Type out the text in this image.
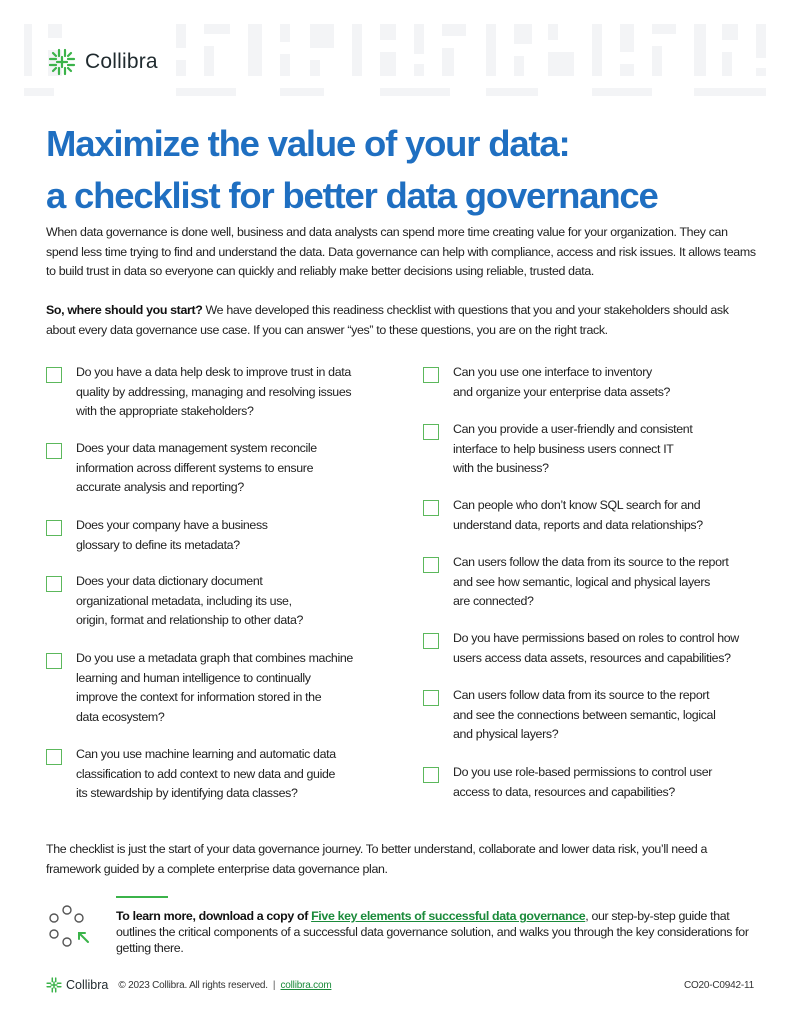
Collibra
Maximize the value of your data:
a checklist for better data governance

When data governance is done well, business and data analysts can spend more time creating value for your organization. They can spend less time trying to find and understand the data. Data governance can help with compliance, access and risk issues. It allows teams to build trust in data so everyone can quickly and reliably make better decisions using reliable, trusted data.

So, where should you start? We have developed this readiness checklist with questions that you and your stakeholders should ask about every data governance use case. If you can answer “yes” to these questions, you are on the right track.

Do you have a data help desk to improve trust in data
quality by addressing, managing and resolving issues
with the appropriate stakeholders?
Does your data management system reconcile
information across different systems to ensure
accurate analysis and reporting?
Does your company have a business
glossary to define its metadata?
Does your data dictionary document
organizational metadata, including its use,
origin, format and relationship to other data?
Do you use a metadata graph that combines machine
learning and human intelligence to continually
improve the context for information stored in the
data ecosystem?
Can you use machine learning and automatic data
classification to add context to new data and guide
its stewardship by identifying data classes?
Can you use one interface to inventory
and organize your enterprise data assets?
Can you provide a user-friendly and consistent
interface to help business users connect IT
with the business?
Can people who don’t know SQL search for and
understand data, reports and data relationships?
Can users follow the data from its source to the report
and see how semantic, logical and physical layers
are connected?
Do you have permissions based on roles to control how
users access data assets, resources and capabilities?
Can users follow data from its source to the report
and see the connections between semantic, logical
and physical layers?
Do you use role-based permissions to control user
access to data, resources and capabilities?

The checklist is just the start of your data governance journey. To better understand, collaborate and lower data risk, you’ll need a framework guided by a complete enterprise data governance plan.

To learn more, download a copy of Five key elements of successful data governance, our step-by-step guide that outlines the critical components of a successful data governance solution, and walks you through the key considerations for getting there.

Collibra © 2023 Collibra. All rights reserved. | collibra.com	CO20-C0942-11
